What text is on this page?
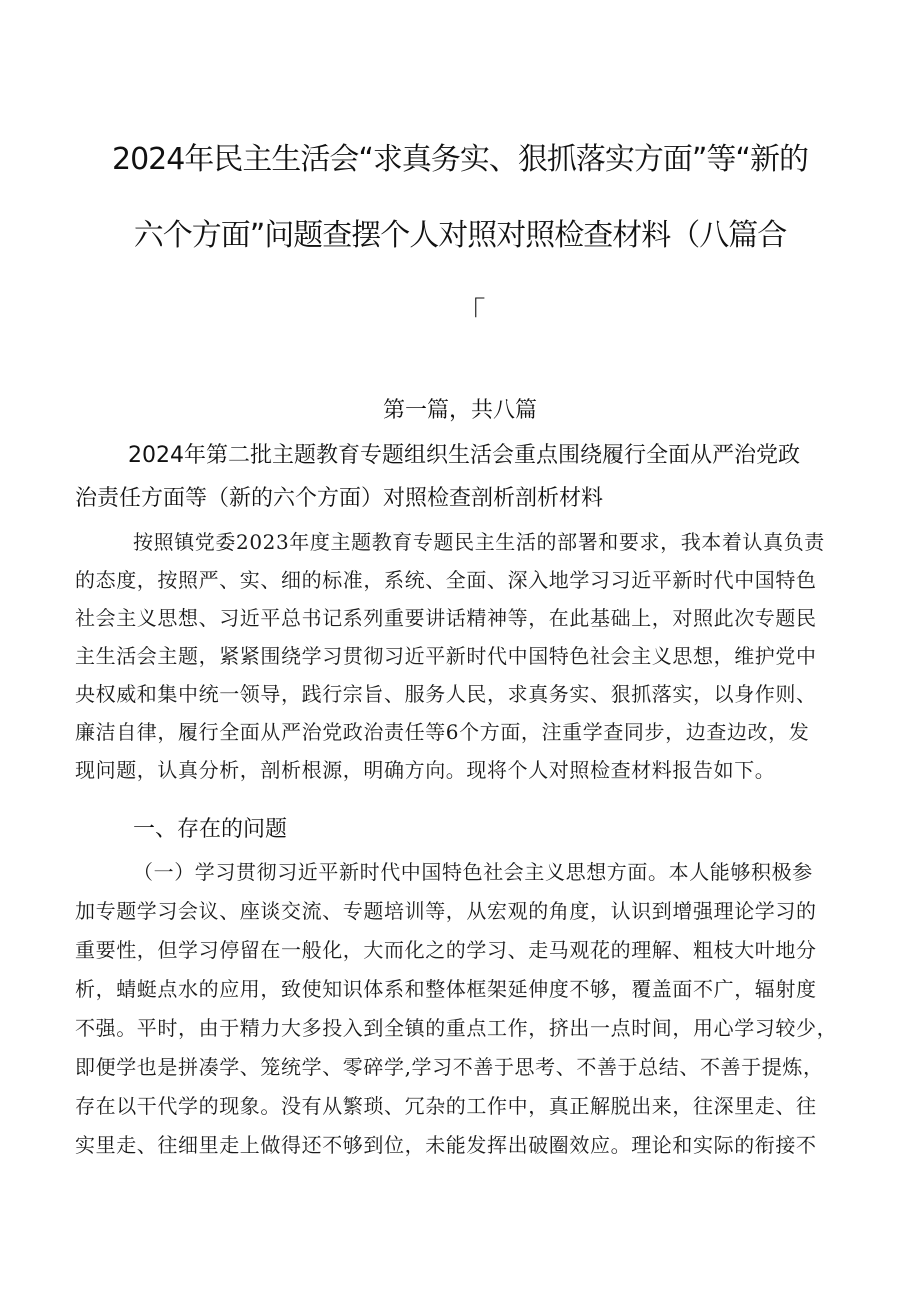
2024年民主生活会“求真务实、狠抓落实方面”等“新的
六个方面”问题查摆个人对照对照检查材料（八篇合
「
第一篇，共八篇
2024年第二批主题教育专题组织生活会重点围绕履行全面从严治党政
治责任方面等（新的六个方面）对照检查剖析剖析材料
按照镇党委2023年度主题教育专题民主生活的部署和要求，我本着认真负责
的态度，按照严、实、细的标准，系统、全面、深入地学习习近平新时代中国特色
社会主义思想、习近平总书记系列重要讲话精神等，在此基础上，对照此次专题民
主生活会主题，紧紧围绕学习贯彻习近平新时代中国特色社会主义思想，维护党中
央权威和集中统一领导，践行宗旨、服务人民，求真务实、狠抓落实，以身作则、
廉洁自律，履行全面从严治党政治责任等6个方面，注重学查同步，边查边改，发
现问题，认真分析，剖析根源，明确方向。现将个人对照检查材料报告如下。
一、存在的问题
（一）学习贯彻习近平新时代中国特色社会主义思想方面。本人能够积极参
加专题学习会议、座谈交流、专题培训等，从宏观的角度，认识到增强理论学习的
重要性，但学习停留在一般化，大而化之的学习、走马观花的理解、粗枝大叶地分
析，蜻蜓点水的应用，致使知识体系和整体框架延伸度不够，覆盖面不广，辐射度
不强。平时，由于精力大多投入到全镇的重点工作，挤出一点时间，用心学习较少，
即便学也是拼凑学、笼统学、零碎学,学习不善于思考、不善于总结、不善于提炼，
存在以干代学的现象。没有从繁琐、冗杂的工作中，真正解脱出来，往深里走、往
实里走、往细里走上做得还不够到位，未能发挥出破圈效应。理论和实际的衔接不
